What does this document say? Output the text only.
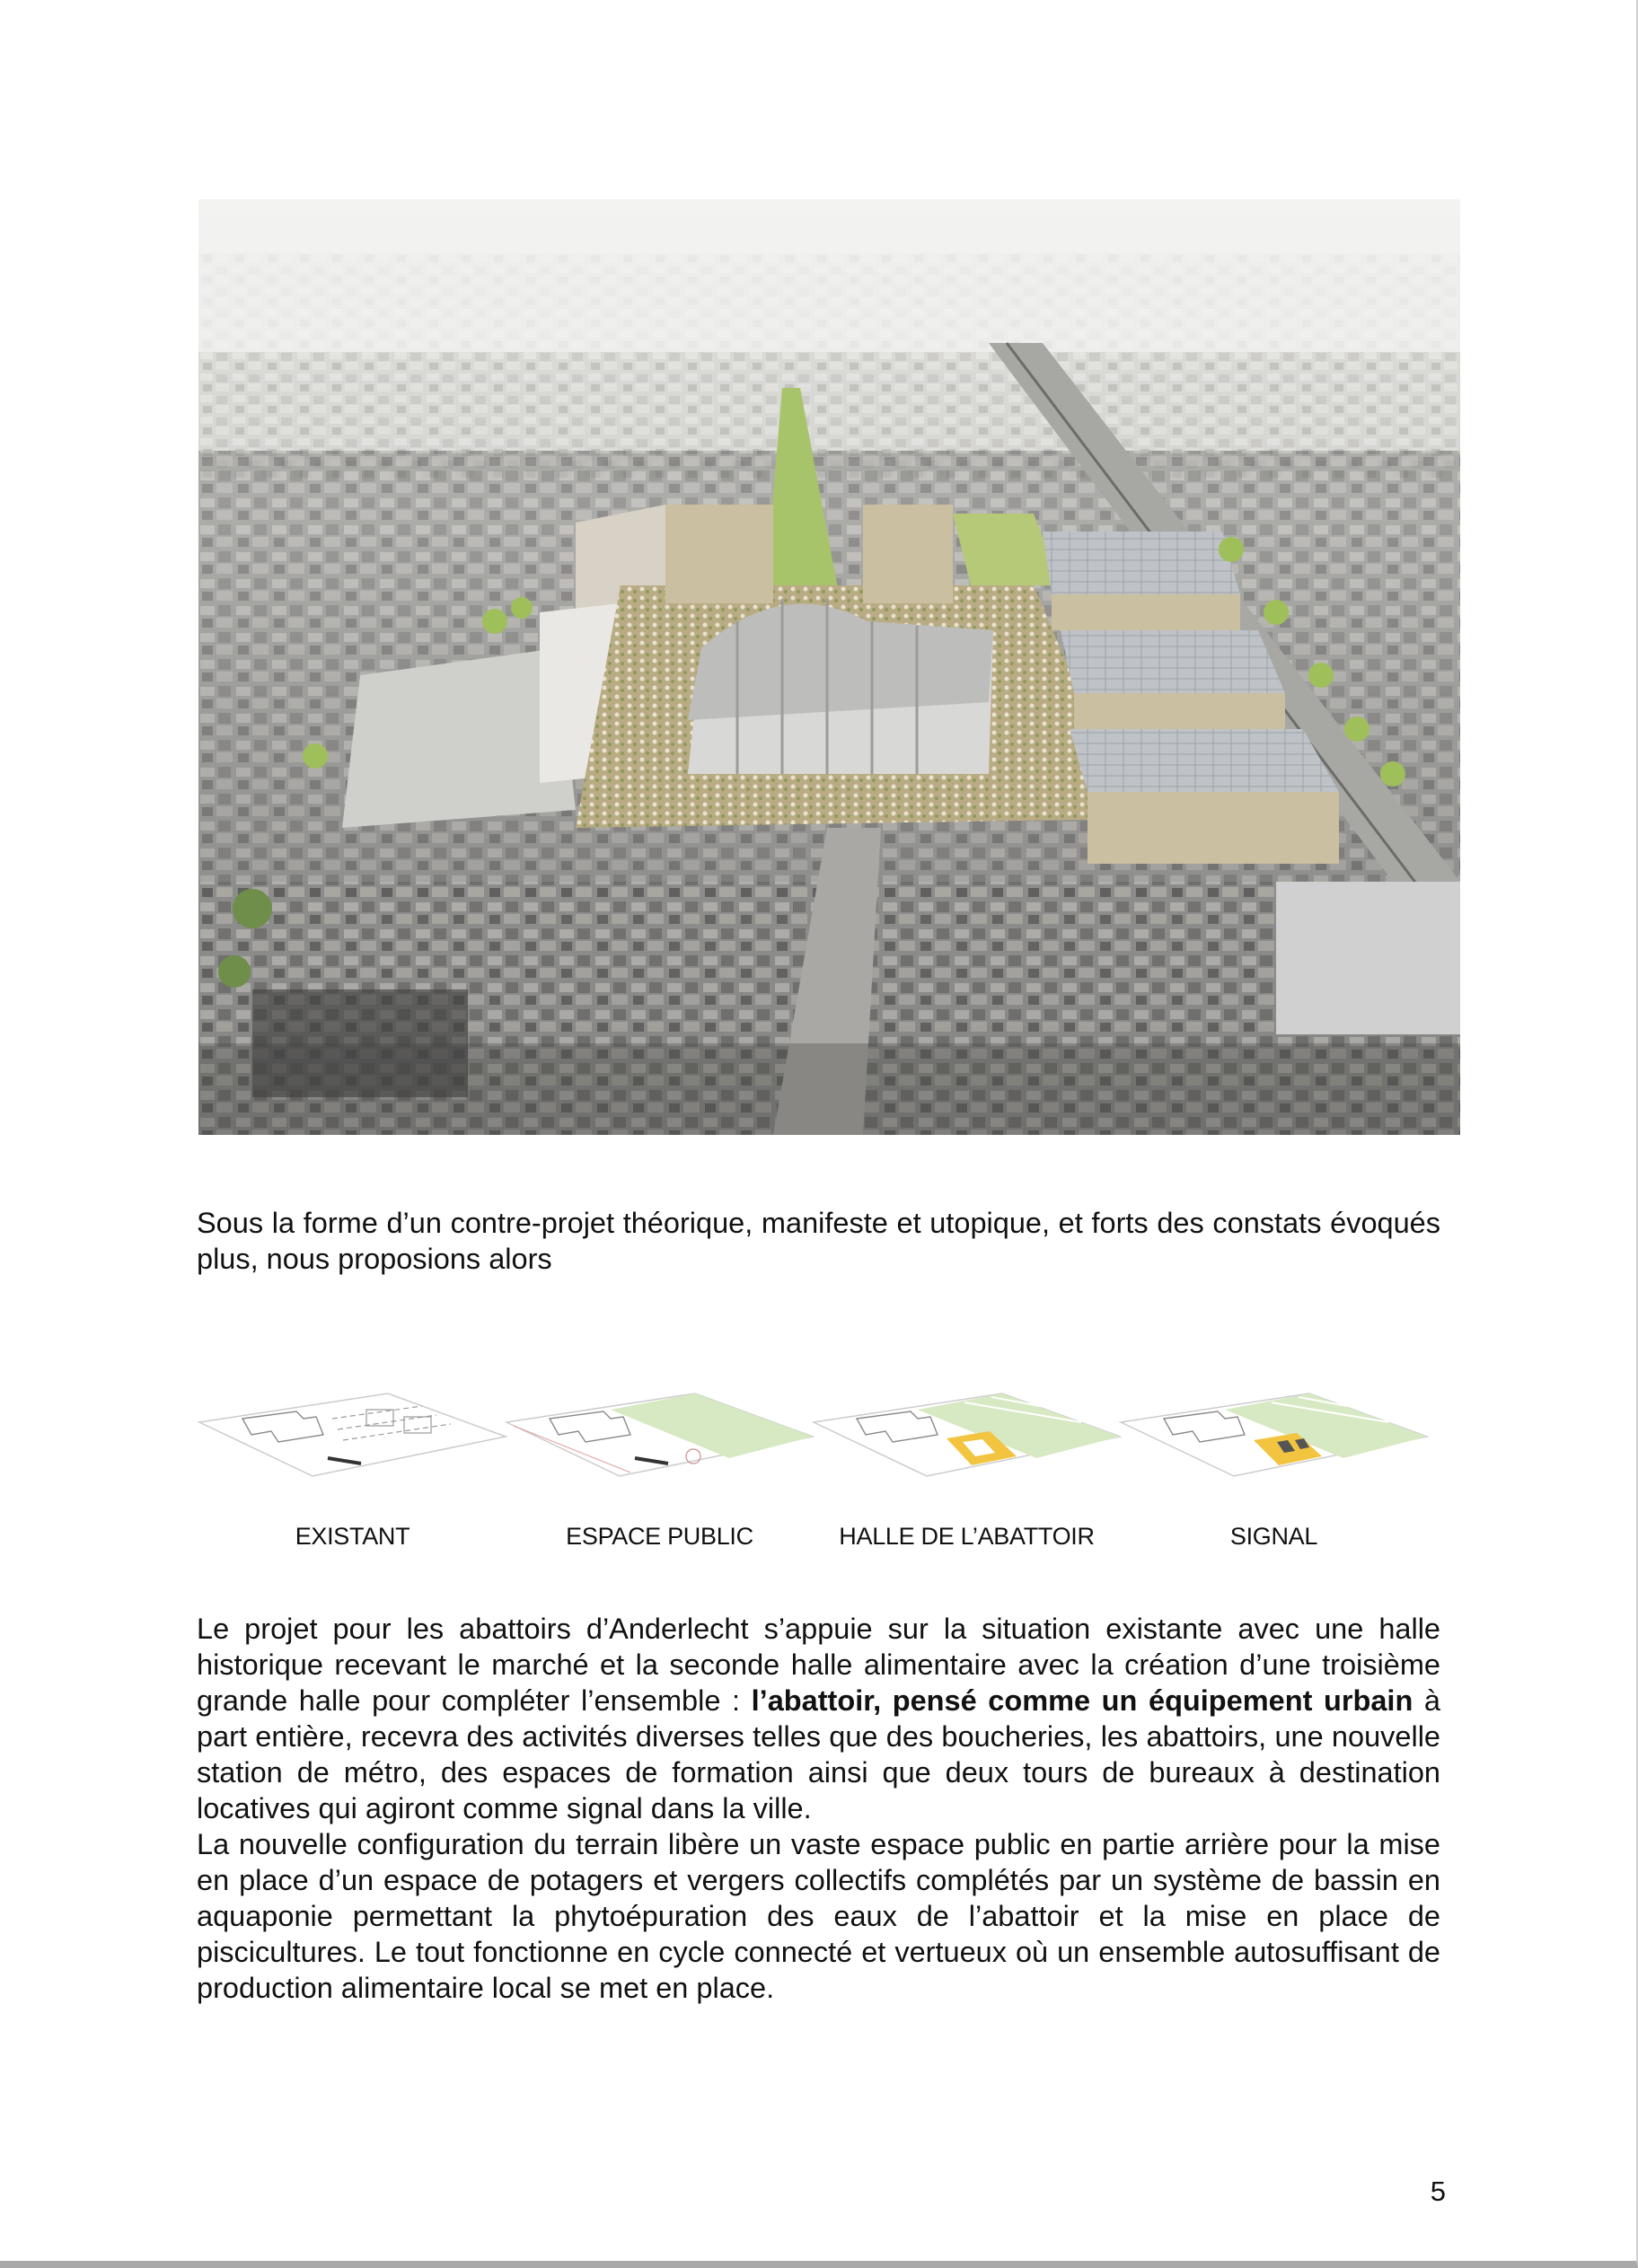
Sous la forme d’un contre-projet théorique, manifeste et utopique, et forts des constats évoqués plus, nous proposions alors

EXISTANT	ESPACE PUBLIC	HALLE DE L’ABATTOIR	SIGNAL

Le projet pour les abattoirs d’Anderlecht s’appuie sur la situation existante avec une halle historique recevant le marché et la seconde halle alimentaire avec la création d’une troisième grande halle pour compléter l’ensemble : l’abattoir, pensé comme un équipement urbain à part entière, recevra des activités diverses telles que des boucheries, les abattoirs, une nouvelle station de métro, des espaces de formation ainsi que deux tours de bureaux à destination locatives qui agiront comme signal dans la ville.

La nouvelle configuration du terrain libère un vaste espace public en partie arrière pour la mise en place d’un espace de potagers et vergers collectifs complétés par un système de bassin en aquaponie permettant la phytoépuration des eaux de l’abattoir et la mise en place de piscicultures. Le tout fonctionne en cycle connecté et vertueux où un ensemble autosuffisant de production alimentaire local se met en place.

5
